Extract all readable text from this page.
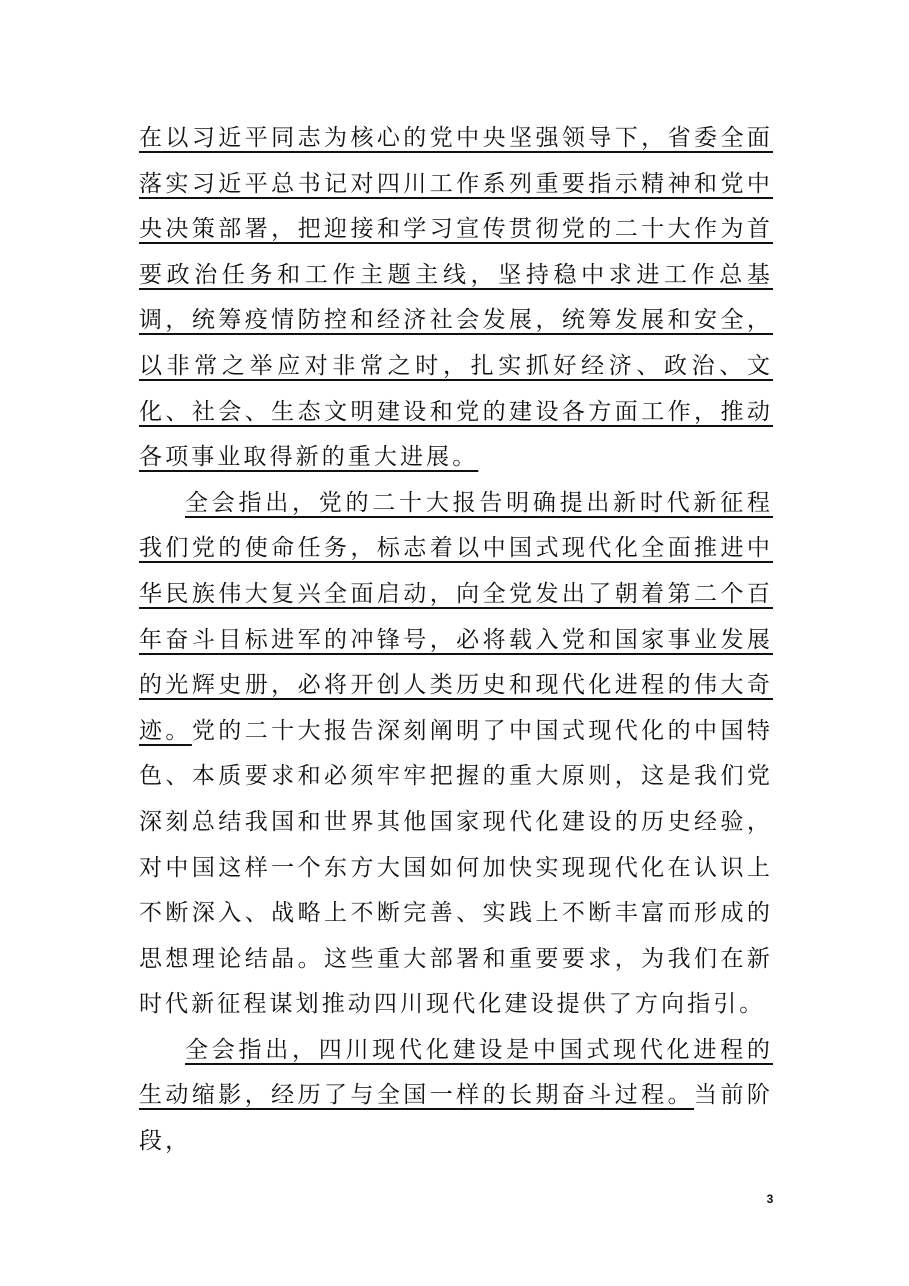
在以习近平同志为核心的党中央坚强领导下，省委全面落实习近平总书记对四川工作系列重要指示精神和党中央决策部署，把迎接和学习宣传贯彻党的二十大作为首要政治任务和工作主题主线，坚持稳中求进工作总基调，统筹疫情防控和经济社会发展，统筹发展和安全，以非常之举应对非常之时，扎实抓好经济、政治、文化、社会、生态文明建设和党的建设各方面工作，推动各项事业取得新的重大进展。

全会指出，党的二十大报告明确提出新时代新征程我们党的使命任务，标志着以中国式现代化全面推进中华民族伟大复兴全面启动，向全党发出了朝着第二个百年奋斗目标进军的冲锋号，必将载入党和国家事业发展的光辉史册，必将开创人类历史和现代化进程的伟大奇迹。党的二十大报告深刻阐明了中国式现代化的中国特色、本质要求和必须牢牢把握的重大原则，这是我们党深刻总结我国和世界其他国家现代化建设的历史经验，对中国这样一个东方大国如何加快实现现代化在认识上不断深入、战略上不断完善、实践上不断丰富而形成的思想理论结晶。这些重大部署和重要要求，为我们在新时代新征程谋划推动四川现代化建设提供了方向指引。

全会指出，四川现代化建设是中国式现代化进程的生动缩影，经历了与全国一样的长期奋斗过程。当前阶段，

3
